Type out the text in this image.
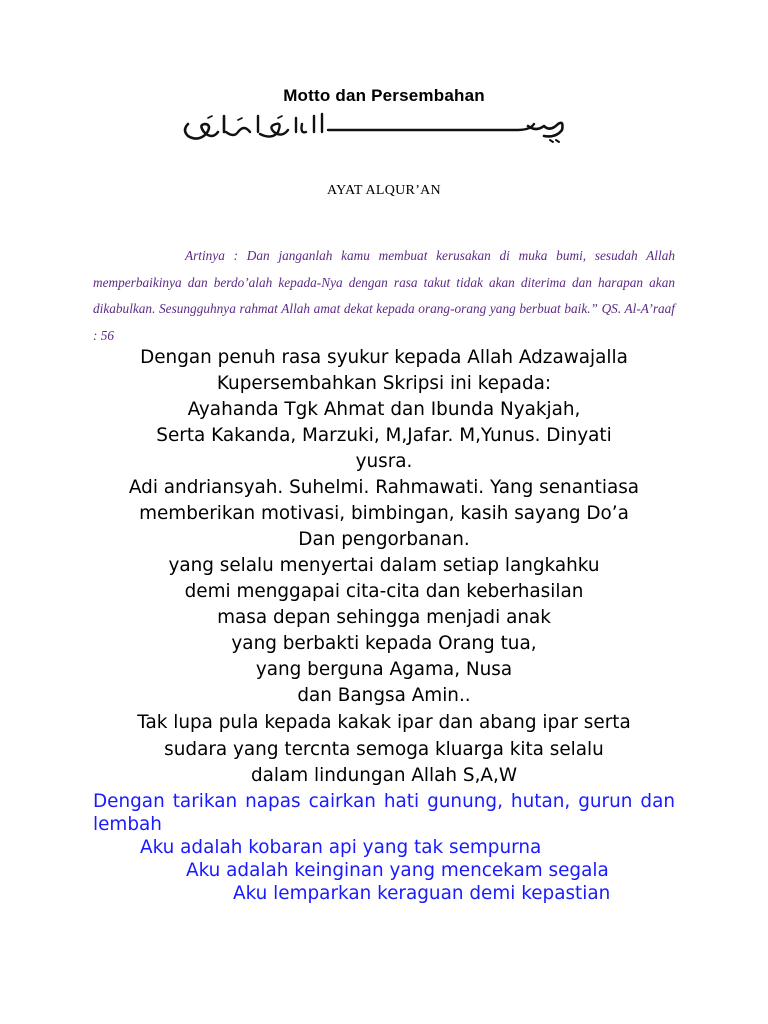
Motto dan Persembahan
AYAT ALQUR’AN
Artinya : Dan janganlah kamu membuat kerusakan di muka bumi, sesudah Allah memperbaikinya dan berdo’alah kepada-Nya dengan rasa takut tidak akan diterima dan harapan akan dikabulkan. Sesungguhnya rahmat Allah amat dekat kepada orang-orang yang berbuat baik.” QS. Al-A’raaf : 56
Dengan penuh rasa syukur kepada Allah Adzawajalla
Kupersembahkan Skripsi ini kepada:
Ayahanda Tgk Ahmat dan Ibunda Nyakjah,
Serta Kakanda, Marzuki, M,Jafar. M,Yunus. Dinyati
yusra.
Adi andriansyah. Suhelmi. Rahmawati. Yang senantiasa
memberikan motivasi, bimbingan, kasih sayang Do’a
Dan pengorbanan.
yang selalu menyertai dalam setiap langkahku
demi menggapai cita-cita dan keberhasilan
masa depan sehingga menjadi anak
yang berbakti kepada Orang tua,
yang berguna Agama, Nusa
dan Bangsa Amin..
Tak lupa pula kepada kakak ipar dan abang ipar serta
sudara yang tercnta semoga kluarga kita selalu
dalam lindungan Allah S,A,W
Dengan tarikan napas cairkan hati gunung, hutan, gurun dan lembah
Aku adalah kobaran api yang tak sempurna
Aku adalah keinginan yang mencekam segala
Aku lemparkan keraguan demi kepastian
